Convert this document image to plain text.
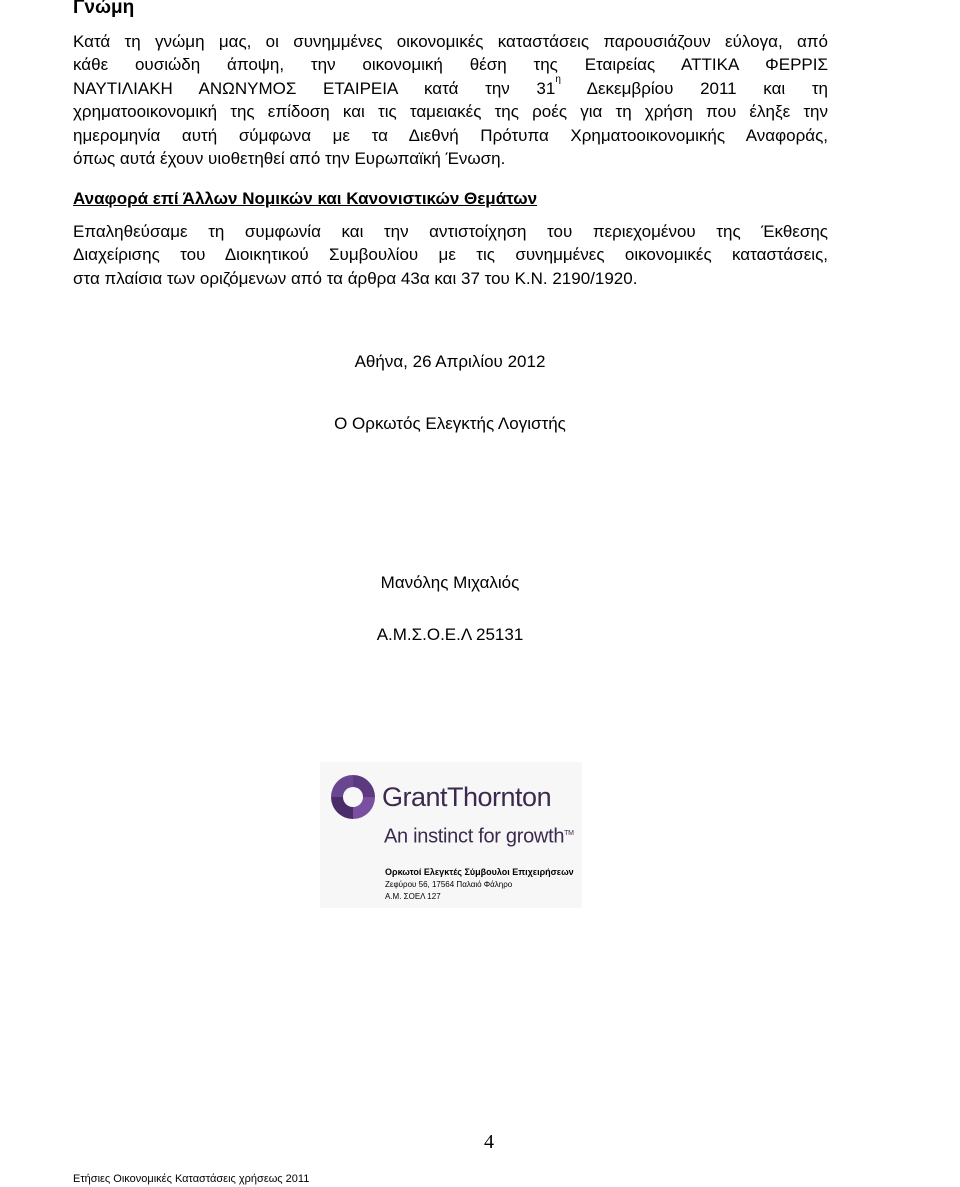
Γνώμη
Κατά τη γνώμη μας, οι συνημμένες οικονομικές καταστάσεις παρουσιάζουν εύλογα, από
κάθε ουσιώδη άποψη, την οικονομική θέση της Εταιρείας ΑΤΤΙΚΑ ΦΕΡΡΙΣ
ΝΑΥΤΙΛΙΑΚΗ ΑΝΩΝΥΜΟΣ ΕΤΑΙΡΕΙΑ κατά την $31^\eta$ Δεκεμβρίου 2011 και τη
χρηματοοικονομική της επίδοση και τις ταμειακές της ροές για τη χρήση που έληξε την
ημερομηνία αυτή σύμφωνα με τα Διεθνή Πρότυπα Χρηματοοικονομικής Αναφοράς,
όπως αυτά έχουν υιοθετηθεί από την Ευρωπαϊκή Ένωση.
Αναφορά επί Άλλων Νομικών και Κανονιστικών Θεμάτων
Επαληθεύσαμε τη συμφωνία και την αντιστοίχηση του περιεχομένου της Έκθεσης
Διαχείρισης του Διοικητικού Συμβουλίου με τις συνημμένες οικονομικές καταστάσεις,
στα πλαίσια των οριζόμενων από τα άρθρα 43α και 37 του Κ.Ν. 2190/1920.

Αθήνα, 26 Απριλίου 2012

Ο Ορκωτός Ελεγκτής Λογιστής

Μανόλης Μιχαλιός

Α.Μ.Σ.Ο.Ε.Λ 25131

GrantThornton
An instinct for growth™
Ορκωτοί Ελεγκτές Σύμβουλοι Επιχειρήσεων
Ζεφύρου 56, 17564 Παλαιό Φάληρο
Α.Μ. ΣΟΕΛ 127

4

Ετήσιες Οικονομικές Καταστάσεις χρήσεως 2011
